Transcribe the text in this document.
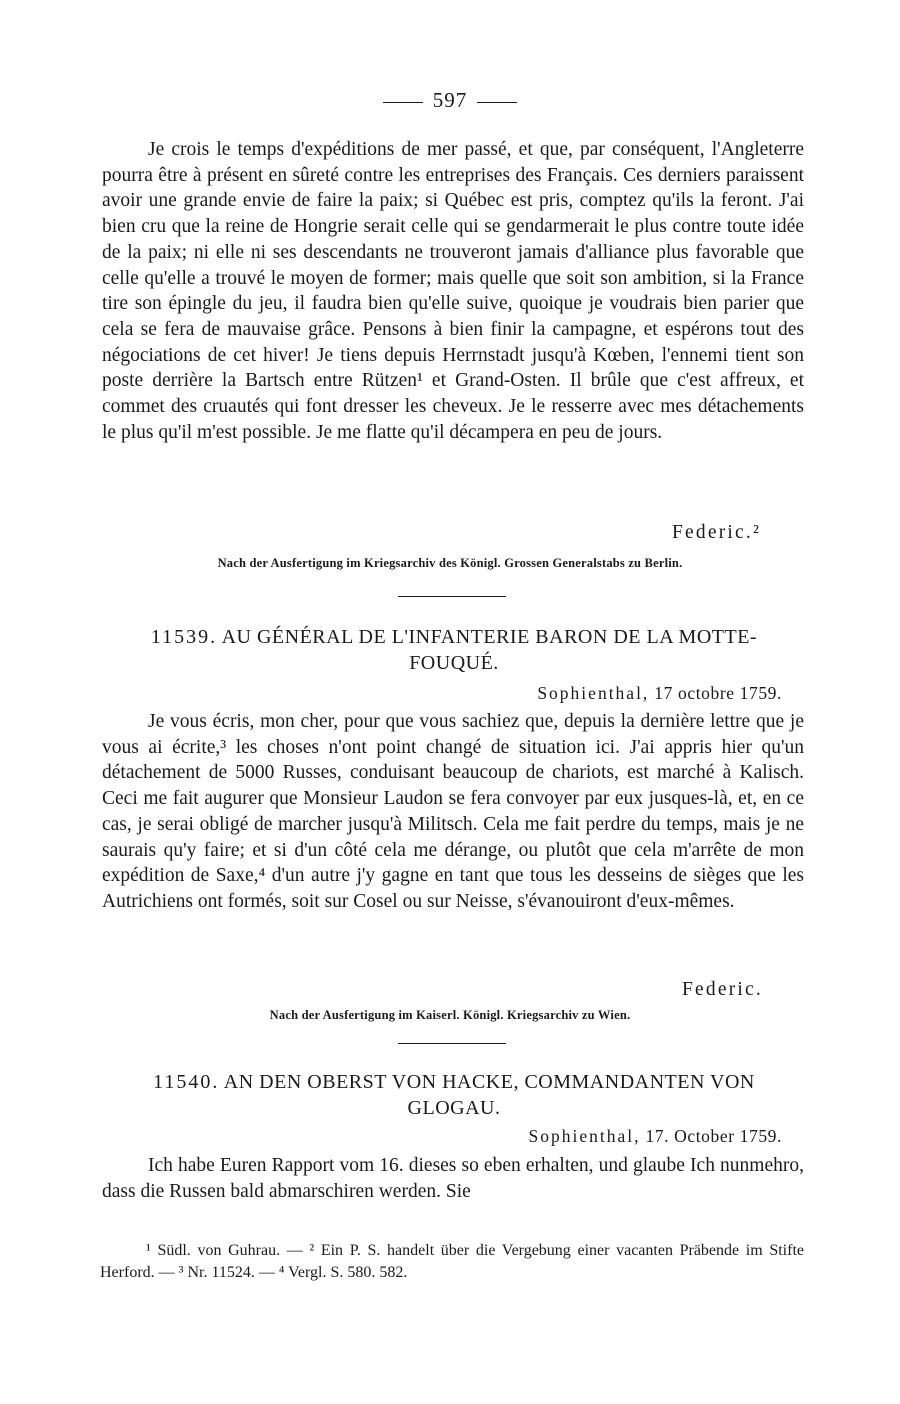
597

Je crois le temps d'expéditions de mer passé, et que, par conséquent, l'Angleterre pourra être à présent en sûreté contre les entreprises des Français. Ces derniers paraissent avoir une grande envie de faire la paix; si Québec est pris, comptez qu'ils la feront. J'ai bien cru que la reine de Hongrie serait celle qui se gendarmerait le plus contre toute idée de la paix; ni elle ni ses descendants ne trouveront jamais d'alliance plus favorable que celle qu'elle a trouvé le moyen de former; mais quelle que soit son ambition, si la France tire son épingle du jeu, il faudra bien qu'elle suive, quoique je voudrais bien parier que cela se fera de mauvaise grâce. Pensons à bien finir la campagne, et espérons tout des négociations de cet hiver! Je tiens depuis Herrnstadt jusqu'à Kœben, l'ennemi tient son poste derrière la Bartsch entre Rützen¹ et Grand-Osten. Il brûle que c'est affreux, et commet des cruautés qui font dresser les cheveux. Je le resserre avec mes détachements le plus qu'il m'est possible. Je me flatte qu'il décampera en peu de jours.

Federic.²
Nach der Ausfertigung im Kriegsarchiv des Königl. Grossen Generalstabs zu Berlin.
11539. AU GÉNÉRAL DE L'INFANTERIE BARON DE LA MOTTE-FOUQUÉ.
Sophienthal, 17 octobre 1759.

Je vous écris, mon cher, pour que vous sachiez que, depuis la dernière lettre que je vous ai écrite,³ les choses n'ont point changé de situation ici. J'ai appris hier qu'un détachement de 5000 Russes, conduisant beaucoup de chariots, est marché à Kalisch. Ceci me fait augurer que Monsieur Laudon se fera convoyer par eux jusques-là, et, en ce cas, je serai obligé de marcher jusqu'à Militsch. Cela me fait perdre du temps, mais je ne saurais qu'y faire; et si d'un côté cela me dérange, ou plutôt que cela m'arrête de mon expédition de Saxe,⁴ d'un autre j'y gagne en tant que tous les desseins de sièges que les Autrichiens ont formés, soit sur Cosel ou sur Neisse, s'évanouiront d'eux-mêmes.

Federic.
Nach der Ausfertigung im Kaiserl. Königl. Kriegsarchiv zu Wien.
11540. AN DEN OBERST VON HACKE, COMMANDANTEN VON GLOGAU.
Sophienthal, 17. October 1759.

Ich habe Euren Rapport vom 16. dieses so eben erhalten, und glaube Ich nunmehro, dass die Russen bald abmarschiren werden. Sie

¹ Südl. von Guhrau. — ² Ein P. S. handelt über die Vergebung einer vacanten Präbende im Stifte Herford. — ³ Nr. 11524. — ⁴ Vergl. S. 580. 582.
